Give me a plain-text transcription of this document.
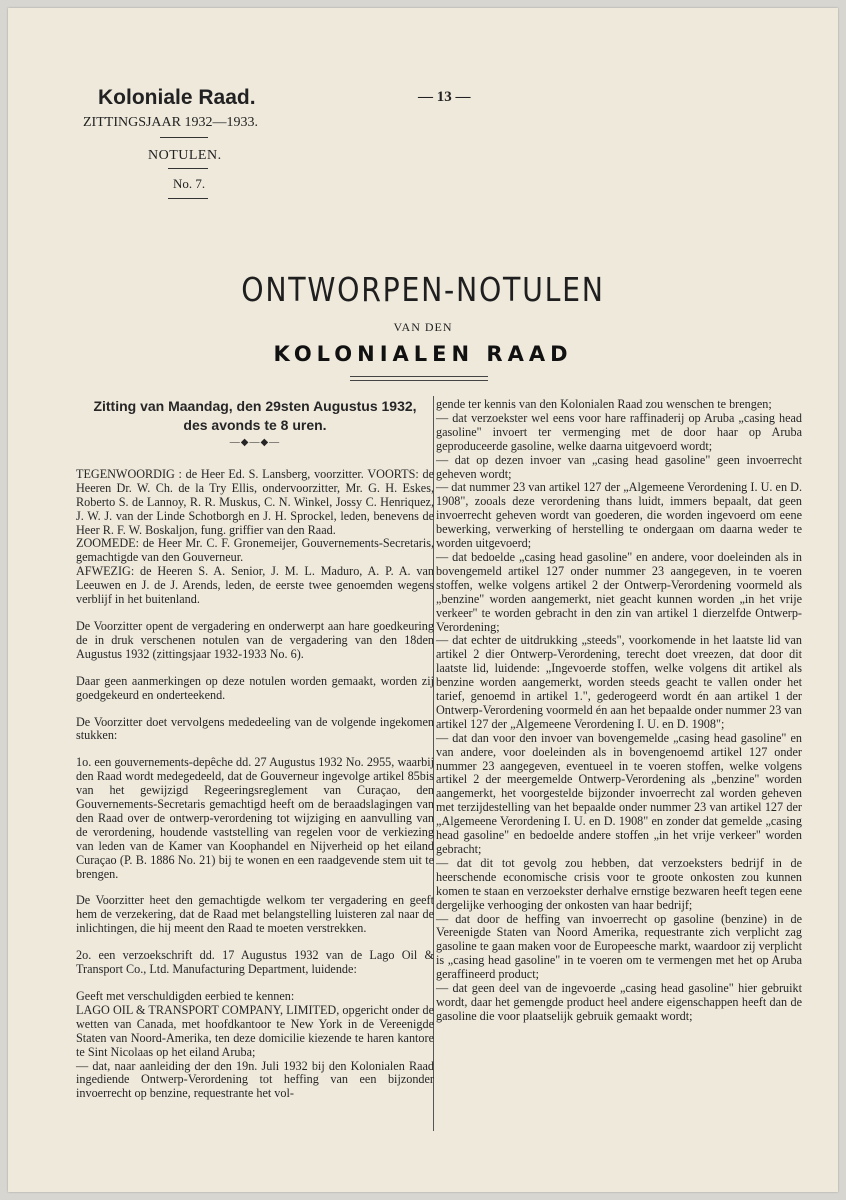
Koloniale Raad.
ZITTINGSJAAR 1932—1933.
NOTULEN.
No. 7.
— 13 —
ONTWORPEN-NOTULEN
VAN DEN
KOLONIALEN RAAD
Zitting van Maandag, den 29sten Augustus 1932,
des avonds te 8 uren.
—◆—◆—

TEGENWOORDIG : de Heer Ed. S. Lansberg, voorzitter. VOORTS: de Heeren Dr. W. Ch. de la Try Ellis, ondervoorzitter, Mr. G. H. Eskes, Roberto S. de Lannoy, R. R. Muskus, C. N. Winkel, Jossy C. Henriquez, J. W. J. van der Linde Schotborgh en J. H. Sprockel, leden, benevens de Heer R. F. W. Boskaljon, fung. griffier van den Raad.

ZOOMEDE: de Heer Mr. C. F. Gronemeijer, Gouvernements-Secretaris, gemachtigde van den Gouverneur.

AFWEZIG: de Heeren S. A. Senior, J. M. L. Maduro, A. P. A. van Leeuwen en J. de J. Arends, leden, de eerste twee genoemden wegens verblijf in het buitenland.

De Voorzitter opent de vergadering en onderwerpt aan hare goedkeuring de in druk verschenen notulen van de vergadering van den 18den Augustus 1932 (zittingsjaar 1932-1933 No. 6).

Daar geen aanmerkingen op deze notulen worden gemaakt, worden zij goedgekeurd en onderteekend.

De Voorzitter doet vervolgens mededeeling van de volgende ingekomen stukken:

1o. een gouvernements-depêche dd. 27 Augustus 1932 No. 2955, waarbij den Raad wordt medegedeeld, dat de Gouverneur ingevolge artikel 85bis van het gewijzigd Regeeringsreglement van Curaçao, den Gouvernements-Secretaris gemachtigd heeft om de beraadslagingen van den Raad over de ontwerp-verordening tot wijziging en aanvulling van de verordening, houdende vaststelling van regelen voor de verkiezing van leden van de Kamer van Koophandel en Nijverheid op het eiland Curaçao (P. B. 1886 No. 21) bij te wonen en een raadgevende stem uit te brengen.

De Voorzitter heet den gemachtigde welkom ter vergadering en geeft hem de verzekering, dat de Raad met belangstelling luisteren zal naar de inlichtingen, die hij meent den Raad te moeten verstrekken.

2o. een verzoekschrift dd. 17 Augustus 1932 van de Lago Oil & Transport Co., Ltd. Manufacturing Department, luidende:

Geeft met verschuldigden eerbied te kennen:

LAGO OIL & TRANSPORT COMPANY, LIMITED, opgericht onder de wetten van Canada, met hoofdkantoor te New York in de Vereenigde Staten van Noord-Amerika, ten deze domicilie kiezende te haren kantore te Sint Nicolaas op het eiland Aruba;

— dat, naar aanleiding der den 19n. Juli 1932 bij den Kolonialen Raad ingediende Ontwerp-Verordening tot heffing van een bijzonder invoerrecht op benzine, requestrante het vol-

gende ter kennis van den Kolonialen Raad zou wenschen te brengen;

— dat verzoekster wel eens voor hare raffinaderij op Aruba „casing head gasoline" invoert ter vermenging met de door haar op Aruba geproduceerde gasoline, welke daarna uitgevoerd wordt;

— dat op dezen invoer van „casing head gasoline" geen invoerrecht geheven wordt;

— dat nummer 23 van artikel 127 der „Algemeene Verordening I. U. en D. 1908", zooals deze verordening thans luidt, immers bepaalt, dat geen invoerrecht geheven wordt van goederen, die worden ingevoerd om eene bewerking, verwerking of herstelling te ondergaan om daarna weder te worden uitgevoerd;

— dat bedoelde „casing head gasoline" en andere, voor doeleinden als in bovengemeld artikel 127 onder nummer 23 aangegeven, in te voeren stoffen, welke volgens artikel 2 der Ontwerp-Verordening voormeld als „benzine" worden aangemerkt, niet geacht kunnen worden „in het vrije verkeer" te worden gebracht in den zin van artikel 1 dierzelfde Ontwerp-Verordening;

— dat echter de uitdrukking „steeds", voorkomende in het laatste lid van artikel 2 dier Ontwerp-Verordening, terecht doet vreezen, dat door dit laatste lid, luidende: „Ingevoerde stoffen, welke volgens dit artikel als benzine worden aangemerkt, worden steeds geacht te vallen onder het tarief, genoemd in artikel 1.", gederogeerd wordt én aan artikel 1 der Ontwerp-Verordening voormeld én aan het bepaalde onder nummer 23 van artikel 127 der „Algemeene Verordening I. U. en D. 1908";

— dat dan voor den invoer van bovengemelde „casing head gasoline" en van andere, voor doeleinden als in bovengenoemd artikel 127 onder nummer 23 aangegeven, eventueel in te voeren stoffen, welke volgens artikel 2 der meergemelde Ontwerp-Verordening als „benzine" worden aangemerkt, het voorgestelde bijzonder invoerrecht zal worden geheven met terzijdestelling van het bepaalde onder nummer 23 van artikel 127 der „Algemeene Verordening I. U. en D. 1908" en zonder dat gemelde „casing head gasoline" en bedoelde andere stoffen „in het vrije verkeer" worden gebracht;

— dat dit tot gevolg zou hebben, dat verzoeksters bedrijf in de heerschende economische crisis voor te groote onkosten zou kunnen komen te staan en verzoekster derhalve ernstige bezwaren heeft tegen eene dergelijke verhooging der onkosten van haar bedrijf;

— dat door de heffing van invoerrecht op gasoline (benzine) in de Vereenigde Staten van Noord Amerika, requestrante zich verplicht zag gasoline te gaan maken voor de Europeesche markt, waardoor zij verplicht is „casing head gasoline" in te voeren om te vermengen met het op Aruba geraffineerd product;

— dat geen deel van de ingevoerde „casing head gasoline" hier gebruikt wordt, daar het gemengde product heel andere eigenschappen heeft dan de gasoline die voor plaatselijk gebruik gemaakt wordt;
